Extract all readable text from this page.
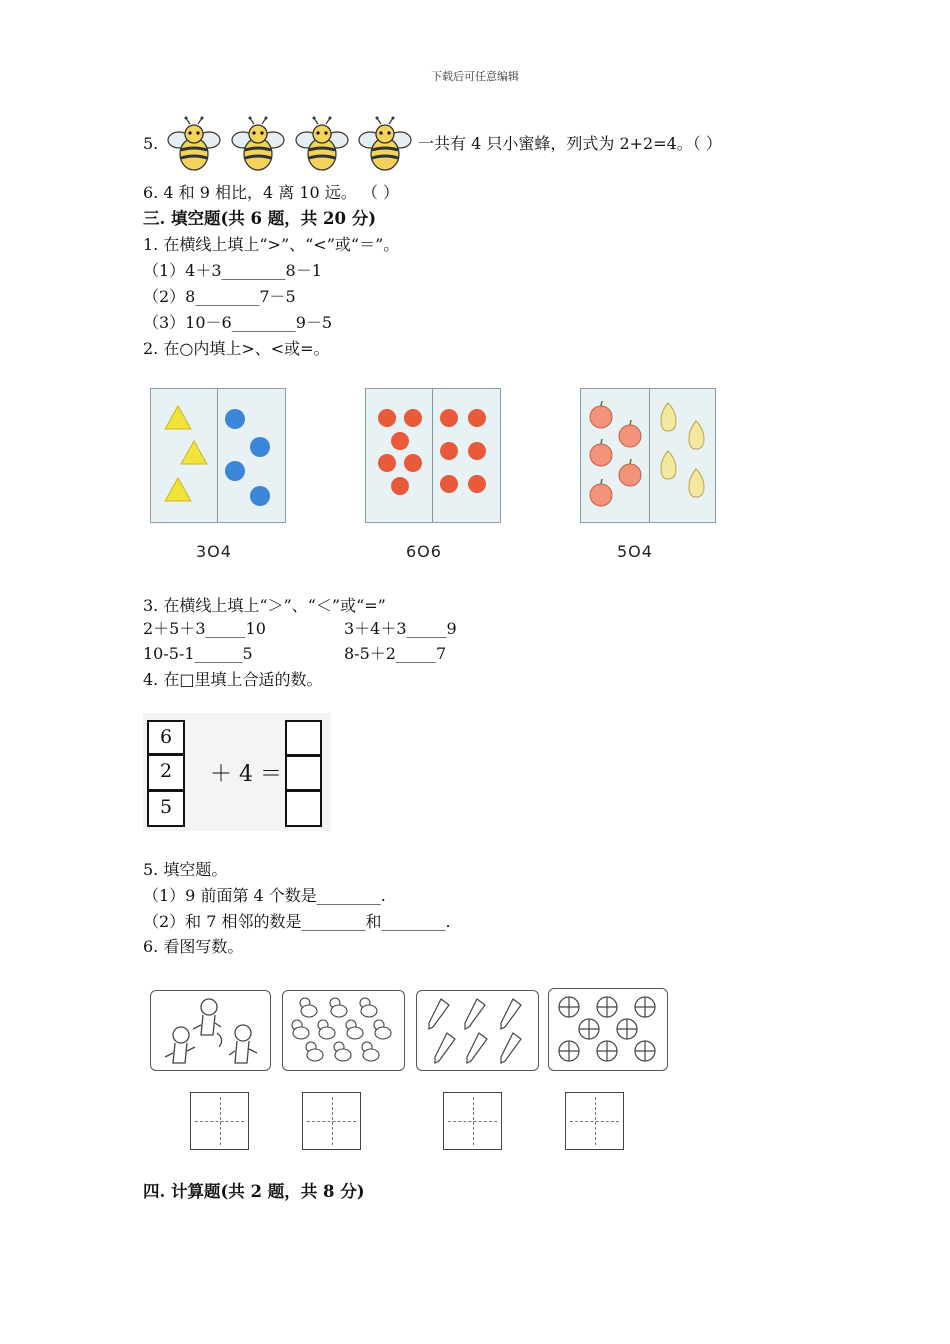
下载后可任意编辑
5.	一共有 4 只小蜜蜂，列式为 2+2=4。（ ）
6. 4 和 9 相比，4 离 10 远。 （ ）
三. 填空题(共 6 题，共 20 分)
1. 在横线上填上“>”、“<”或“＝”。
（1）4＋3________8－1
（2）8________7－5
（3）10－6________9－5
2. 在○内填上>、<或=。
3O4	6O6	5O4
3. 在横线上填上“＞”、“＜”或“=”
2＋5＋3_____10	3＋4＋3_____9
10-5-1______5	8-5＋2_____7
4. 在□里填上合适的数。
6
2
5
＋ 4 ＝
5. 填空题。
（1）9 前面第 4 个数是________.
（2）和 7 相邻的数是________和________.
6. 看图写数。
四. 计算题(共 2 题，共 8 分)
